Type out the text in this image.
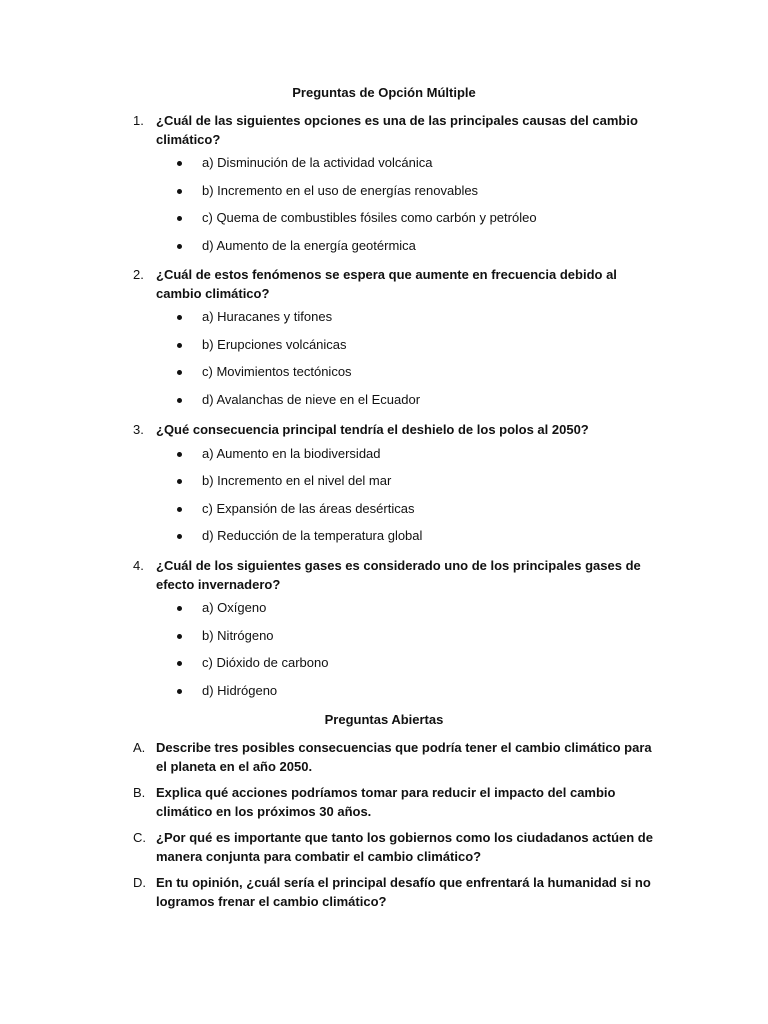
Preguntas de Opción Múltiple
1. ¿Cuál de las siguientes opciones es una de las principales causas del cambio climático?

a) Disminución de la actividad volcánica
b) Incremento en el uso de energías renovables
c) Quema de combustibles fósiles como carbón y petróleo
d) Aumento de la energía geotérmica
2. ¿Cuál de estos fenómenos se espera que aumente en frecuencia debido al cambio climático?

a) Huracanes y tifones
b) Erupciones volcánicas
c) Movimientos tectónicos
d) Avalanchas de nieve en el Ecuador
3. ¿Qué consecuencia principal tendría el deshielo de los polos al 2050?

a) Aumento en la biodiversidad
b) Incremento en el nivel del mar
c) Expansión de las áreas desérticas
d) Reducción de la temperatura global
4. ¿Cuál de los siguientes gases es considerado uno de los principales gases de efecto invernadero?

a) Oxígeno
b) Nitrógeno
c) Dióxido de carbono
d) Hidrógeno
Preguntas Abiertas
A. Describe tres posibles consecuencias que podría tener el cambio climático para el planeta en el año 2050.

B. Explica qué acciones podríamos tomar para reducir el impacto del cambio climático en los próximos 30 años.

C. ¿Por qué es importante que tanto los gobiernos como los ciudadanos actúen de manera conjunta para combatir el cambio climático?

D. En tu opinión, ¿cuál sería el principal desafío que enfrentará la humanidad si no logramos frenar el cambio climático?
